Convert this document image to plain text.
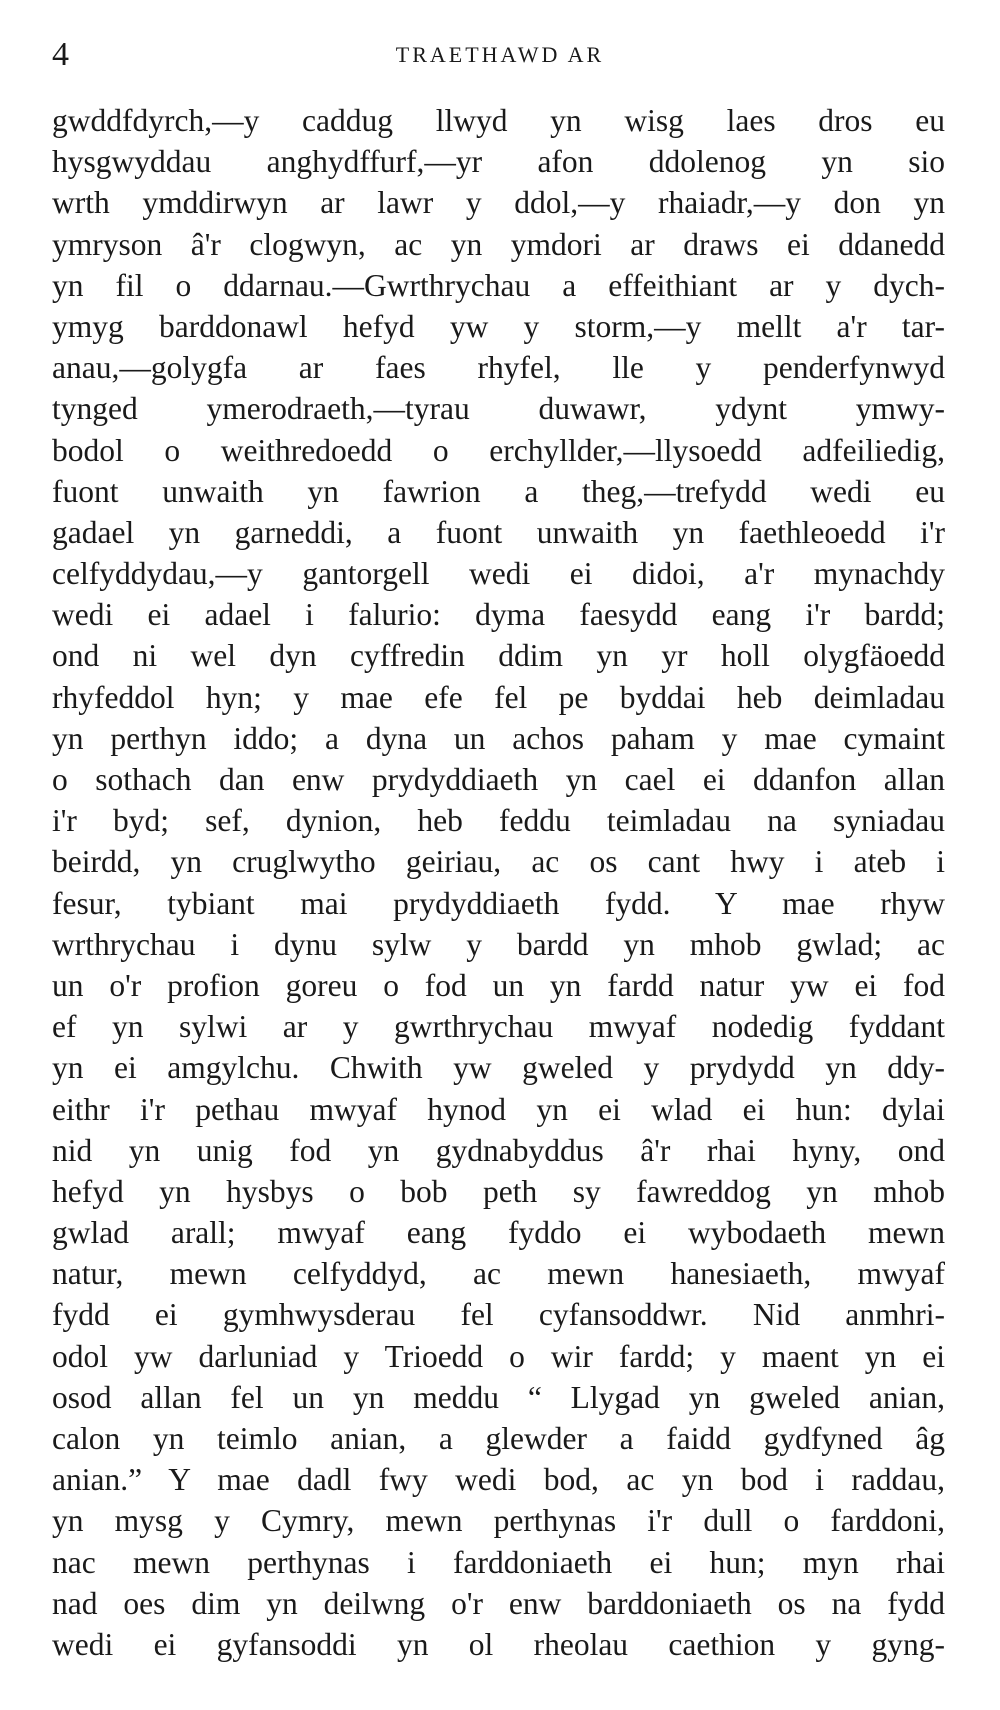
4	TRAETHAWD AR
gwddfdyrch,—y caddug llwyd yn wisg laes dros eu
hysgwyddau anghydffurf,—yr afon ddolenog yn sio
wrth ymddirwyn ar lawr y ddol,—y rhaiadr,—y don yn
ymryson â'r clogwyn, ac yn ymdori ar draws ei ddanedd
yn fil o ddarnau.—Gwrthrychau a effeithiant ar y dych-
ymyg barddonawl hefyd yw y storm,—y mellt a'r tar-
anau,—golygfa ar faes rhyfel, lle y penderfynwyd
tynged ymerodraeth,—tyrau duwawr, ydynt ymwy-
bodol o weithredoedd o erchyllder,—llysoedd adfeiliedig,
fuont unwaith yn fawrion a theg,—trefydd wedi eu
gadael yn garneddi, a fuont unwaith yn faethleoedd i'r
celfyddydau,—y gantorgell wedi ei didoi, a'r mynachdy
wedi ei adael i falurio: dyma faesydd eang i'r bardd;
ond ni wel dyn cyffredin ddim yn yr holl olygfäoedd
rhyfeddol hyn; y mae efe fel pe byddai heb deimladau
yn perthyn iddo; a dyna un achos paham y mae cymaint
o sothach dan enw prydyddiaeth yn cael ei ddanfon allan
i'r byd; sef, dynion, heb feddu teimladau na syniadau
beirdd, yn cruglwytho geiriau, ac os cant hwy i ateb i
fesur, tybiant mai prydyddiaeth fydd. Y mae rhyw
wrthrychau i dynu sylw y bardd yn mhob gwlad; ac
un o'r profion goreu o fod un yn fardd natur yw ei fod
ef yn sylwi ar y gwrthrychau mwyaf nodedig fyddant
yn ei amgylchu. Chwith yw gweled y prydydd yn ddy-
eithr i'r pethau mwyaf hynod yn ei wlad ei hun: dylai
nid yn unig fod yn gydnabyddus â'r rhai hyny, ond
hefyd yn hysbys o bob peth sy fawreddog yn mhob
gwlad arall; mwyaf eang fyddo ei wybodaeth mewn
natur, mewn celfyddyd, ac mewn hanesiaeth, mwyaf
fydd ei gymhwysderau fel cyfansoddwr. Nid anmhri-
odol yw darluniad y Trioedd o wir fardd; y maent yn ei
osod allan fel un yn meddu “ Llygad yn gweled anian,
calon yn teimlo anian, a glewder a faidd gydfyned âg
anian.” Y mae dadl fwy wedi bod, ac yn bod i raddau,
yn mysg y Cymry, mewn perthynas i'r dull o farddoni,
nac mewn perthynas i farddoniaeth ei hun; myn rhai
nad oes dim yn deilwng o'r enw barddoniaeth os na fydd
wedi ei gyfansoddi yn ol rheolau caethion y gyng-
